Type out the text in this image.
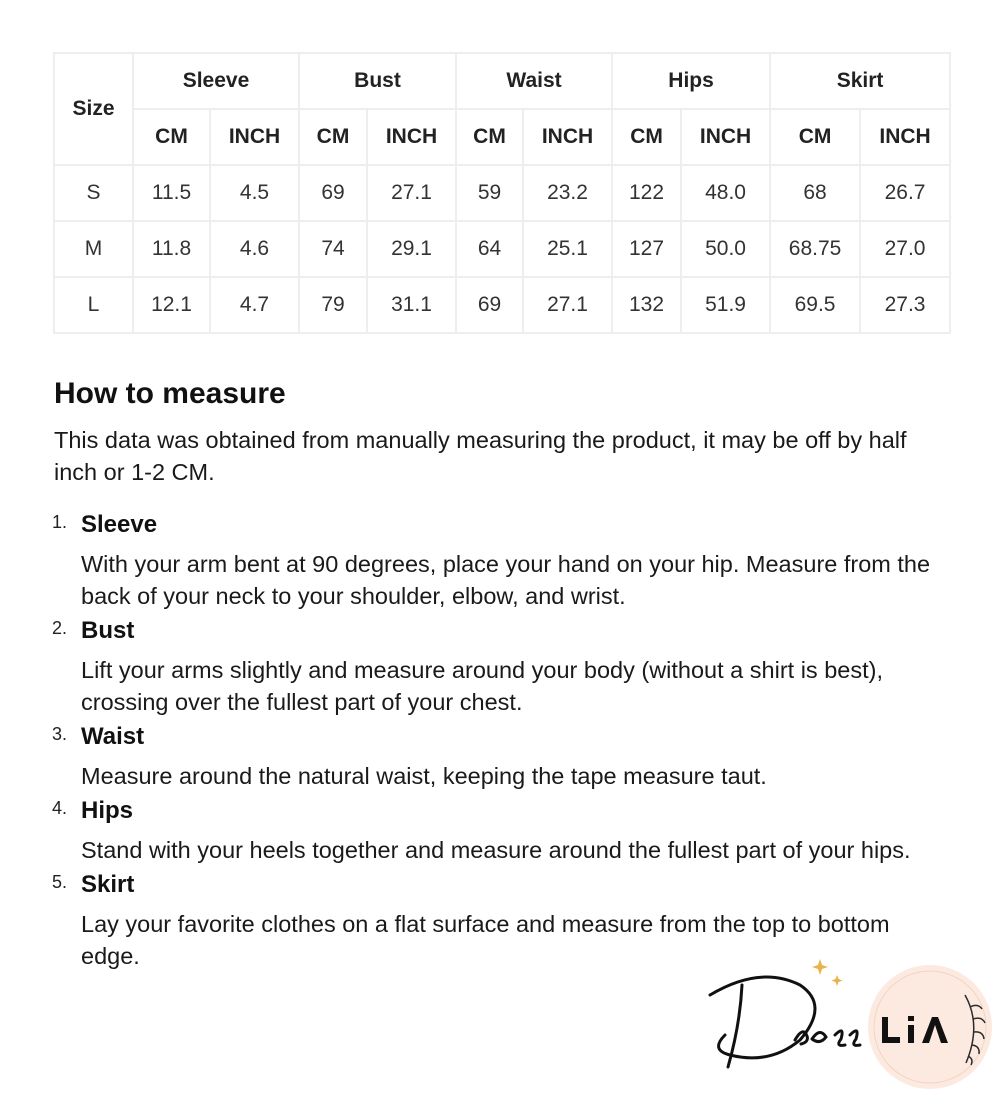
Size	Sleeve		Bust		Waist		Hips		Skirt	
	CM	INCH	CM	INCH	CM	INCH	CM	INCH	CM	INCH
S	11.5	4.5	69	27.1	59	23.2	122	48.0	68	26.7
M	11.8	4.6	74	29.1	64	25.1	127	50.0	68.75	27.0
L	12.1	4.7	79	31.1	69	27.1	132	51.9	69.5	27.3
How to measure

This data was obtained from manually measuring the product, it may be off by half inch or 1-2 CM.

1. Sleeve
With your arm bent at 90 degrees, place your hand on your hip. Measure from the back of your neck to your shoulder, elbow, and wrist.
2. Bust
Lift your arms slightly and measure around your body (without a shirt is best), crossing over the fullest part of your chest.
3. Waist
Measure around the natural waist, keeping the tape measure taut.
4. Hips
Stand with your heels together and measure around the fullest part of your hips.
5. Skirt
Lay your favorite clothes on a flat surface and measure from the top to bottom edge.
